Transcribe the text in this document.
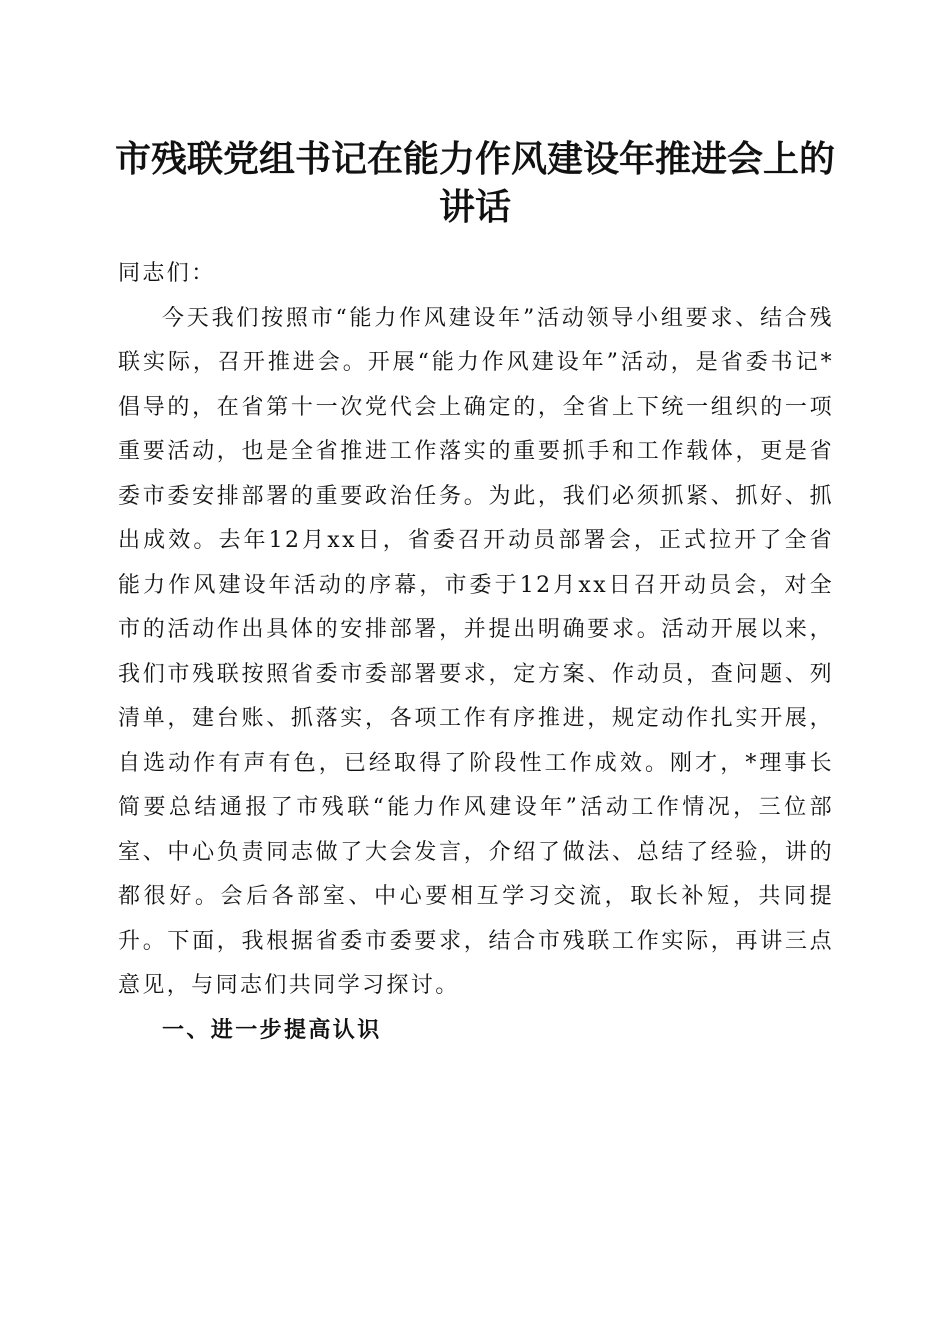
市残联党组书记在能力作风建设年推进会上的讲话

同志们：

今天我们按照市“能力作风建设年”活动领导小组要求、结合残联实际，召开推进会。开展“能力作风建设年”活动，是省委书记*倡导的，在省第十一次党代会上确定的，全省上下统一组织的一项重要活动，也是全省推进工作落实的重要抓手和工作载体，更是省委市委安排部署的重要政治任务。为此，我们必须抓紧、抓好、抓出成效。去年12月xx日，省委召开动员部署会，正式拉开了全省能力作风建设年活动的序幕，市委于12月xx日召开动员会，对全市的活动作出具体的安排部署，并提出明确要求。活动开展以来，我们市残联按照省委市委部署要求，定方案、作动员，查问题、列清单，建台账、抓落实，各项工作有序推进，规定动作扎实开展，自选动作有声有色，已经取得了阶段性工作成效。刚才，*理事长简要总结通报了市残联“能力作风建设年”活动工作情况，三位部室、中心负责同志做了大会发言，介绍了做法、总结了经验，讲的都很好。会后各部室、中心要相互学习交流，取长补短，共同提升。下面，我根据省委市委要求，结合市残联工作实际，再讲三点意见，与同志们共同学习探讨。

一、进一步提高认识
